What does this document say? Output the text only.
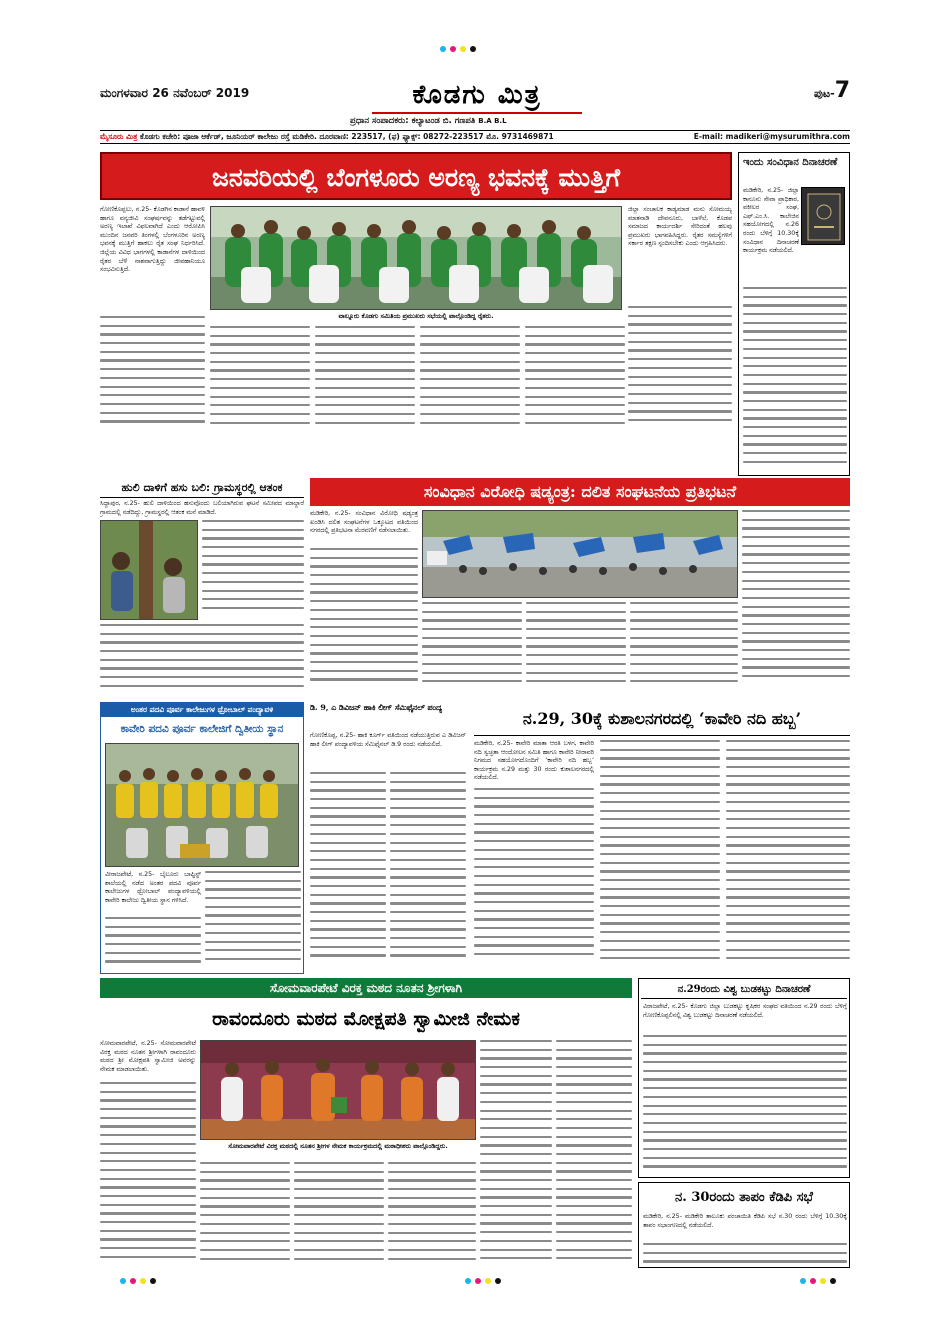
ಮಂಗಳವಾರ 26 ನವೆಂಬರ್ 2019	ಕೊಡಗು ಮಿತ್ರ
ಪ್ರಧಾನ ಸಂಪಾದಕರು: ಕಲ್ಯಾಟಂಡ ಬಿ. ಗಣಪತಿ B.A B.L
ಪುಟ-7
ಮೈಸೂರು ಮಿತ್ರ ಕೊಡಗು ಕಚೇರಿ: ಪೂಜಾ ಆರ್ಕೆಡ್, ಜೂನಿಯರ್ ಕಾಲೇಜು ರಸ್ತೆ ಮಡಿಕೇರಿ. ದೂರವಾಣಿ: 223517, (ಫ) ಫ್ಯಾಕ್ಸ್: 08272-223517 ಮೊ. 9731469871	E-mail: madikeri@mysurumithra.com
ಜನವರಿಯಲ್ಲಿ ಬೆಂಗಳೂರು ಅರಣ್ಯ ಭವನಕ್ಕೆ ಮುತ್ತಿಗೆ
ಗೋಣಿಕೊಪ್ಪಲು, ನ.25- ಕೊಡಗಿನ ಕಾಡಾನೆ ಹಾವಳಿ ಹಾಗೂ ವನ್ಯಜೀವಿ ಸಂಘರ್ಷವನ್ನು ತಡೆಗಟ್ಟುವಲ್ಲಿ ಅರಣ್ಯ ಇಲಾಖೆ ವಿಫಲವಾಗಿದೆ ಎಂದು ಆರೋಪಿಸಿ ಮುಂದಿನ ಜನವರಿ ತಿಂಗಳಲ್ಲಿ ಬೆಂಗಳೂರಿನ ಅರಣ್ಯ ಭವನಕ್ಕೆ ಮುತ್ತಿಗೆ ಹಾಕಲು ರೈತ ಸಂಘ ನಿರ್ಧರಿಸಿದೆ. ಜಿಲ್ಲೆಯ ವಿವಿಧ ಭಾಗಗಳಲ್ಲಿ ಕಾಡಾನೆಗಳ ದಾಳಿಯಿಂದ ರೈತರ ಬೆಳೆ ನಾಶವಾಗುತ್ತಿದ್ದು ಜೀವಹಾನಿಯೂ ಸಂಭವಿಸುತ್ತಿದೆ.
ವಾಲ್ನೂರು ಕೊಡಗು ಸಮಿತಿಯ ಪ್ರಮುಖರು ಸಭೆಯಲ್ಲಿ ಪಾಲ್ಗೊಂಡಿದ್ದ ರೈತರು.
ಜಿಲ್ಲಾ ಸಂಚಾಲಕ ಕಾಡ್ಯಮಾಡ ಮನು ಸೋಮಯ್ಯ ಮಾತನಾಡಿ ದೇವನೂರು, ಬಾಳೆಲೆ, ಕೊಡವ ಸಮಾಜದ ಕಾರ್ಯದರ್ಶಿ ಸೇರಿದಂತೆ ಹಲವು ಪ್ರಮುಖರು ಭಾಗವಹಿಸಿದ್ದರು. ರೈತರ ಸಮಸ್ಯೆಗಳಿಗೆ ಸರ್ಕಾರ ತಕ್ಷಣ ಸ್ಪಂದಿಸಬೇಕು ಎಂದು ಆಗ್ರಹಿಸಿದರು.
ಇಂದು ಸಂವಿಧಾನ ದಿನಾಚರಣೆ
ಮಡಿಕೇರಿ, ನ.25- ಜಿಲ್ಲಾ ಕಾನೂನು ಸೇವಾ ಪ್ರಾಧಿಕಾರ, ವಕೀಲರ ಸಂಘ, ಎಫ್.ಎಂ.ಸಿ. ಕಾಲೇಜಿನ ಸಹಯೋಗದಲ್ಲಿ ನ.26 ರಂದು ಬೆಳಿಗ್ಗೆ 10.30ಕ್ಕೆ ಸಂವಿಧಾನ ದಿನಾಚರಣೆ ಕಾರ್ಯಕ್ರಮ ನಡೆಯಲಿದೆ.
ಹುಲಿ ದಾಳಿಗೆ ಹಸು ಬಲಿ: ಗ್ರಾಮಸ್ಥರಲ್ಲಿ ಆತಂಕ
ಸಿದ್ದಾಪುರ, ನ.25- ಹುಲಿ ದಾಳಿಯಿಂದ ಹಸುವೊಂದು ಬಲಿಯಾಗಿರುವ ಘಟನೆ ಸಮೀಪದ ಮಾಲ್ದಾರೆ ಗ್ರಾಮದಲ್ಲಿ ನಡೆದಿದ್ದು, ಗ್ರಾಮಸ್ಥರಲ್ಲಿ ಆತಂಕ ಮನೆ ಮಾಡಿದೆ.
ಸಂವಿಧಾನ ವಿರೋಧಿ ಷಡ್ಯಂತ್ರ: ದಲಿತ ಸಂಘಟನೆಯ ಪ್ರತಿಭಟನೆ
ಮಡಿಕೇರಿ, ನ.25- ಸಂವಿಧಾನ ವಿರೋಧಿ ಷಡ್ಯಂತ್ರ ಖಂಡಿಸಿ ದಲಿತ ಸಂಘಟನೆಗಳ ಒಕ್ಕೂಟದ ವತಿಯಿಂದ ನಗರದಲ್ಲಿ ಪ್ರತಿಭಟನಾ ಮೆರವಣಿಗೆ ನಡೆಸಲಾಯಿತು.
ಅಂತರ ಪದವಿ ಪೂರ್ವ ಕಾಲೇಜುಗಳ ಥ್ರೋಬಾಲ್ ಪಂದ್ಯಾವಳಿ
ಕಾವೇರಿ ಪದವಿ ಪೂರ್ವ ಕಾಲೇಜಿಗೆ ದ್ವಿತೀಯ ಸ್ಥಾನ
ವೀರಾಜಪೇಟೆ, ನ.25- ಬೈಲೂರು ಬಾಪ್ಟಿಸ್ಟ್ ಶಾಲೆಯಲ್ಲಿ ನಡೆದ ಅಂತರ ಪದವಿ ಪೂರ್ವ ಕಾಲೇಜುಗಳ ಥ್ರೋಬಾಲ್ ಪಂದ್ಯಾವಳಿಯಲ್ಲಿ ಕಾವೇರಿ ಕಾಲೇಜು ದ್ವಿತೀಯ ಸ್ಥಾನ ಗಳಿಸಿದೆ.
ಡಿ. 9, ಎ ಡಿವಿಜನ್ ಹಾಕಿ ಲೀಗ್ ಸೆಮಿಫೈನಲ್ ಪಂದ್ಯ
ಗೋಣಿಕೊಪ್ಪ, ನ.25- ಹಾಕಿ ಕೂರ್ಗ್ ವತಿಯಿಂದ ನಡೆಯುತ್ತಿರುವ ಎ ಡಿವಿಜನ್ ಹಾಕಿ ಲೀಗ್ ಪಂದ್ಯಾವಳಿಯ ಸೆಮಿಫೈನಲ್ ಡಿ.9 ರಂದು ನಡೆಯಲಿದೆ.
ನ.29, 30ಕ್ಕೆ ಕುಶಾಲನಗರದಲ್ಲಿ ‘ಕಾವೇರಿ ನದಿ ಹಬ್ಬ’
ಮಡಿಕೇರಿ, ನ.25- ಕಾವೇರಿ ಮಾತಾ ಆರತಿ ಬಳಗ, ಕಾವೇರಿ ನದಿ ಸ್ವಚ್ಛತಾ ಆಂದೋಲನ ಸಮಿತಿ ಹಾಗೂ ಕಾವೇರಿ ನೀರಾವರಿ ನಿಗಮದ ಸಹಯೋಗದೊಂದಿಗೆ ‘ಕಾವೇರಿ ನದಿ ಹಬ್ಬ’ ಕಾರ್ಯಕ್ರಮ ನ.29 ಮತ್ತು 30 ರಂದು ಕುಶಾಲನಗರದಲ್ಲಿ ನಡೆಯಲಿದೆ.
ಸೋಮವಾರಪೇಟೆ ವಿರಕ್ತ ಮಠದ ನೂತನ ಶ್ರೀಗಳಾಗಿ
ರಾವಂದೂರು ಮಠದ ಮೋಕ್ಷಪತಿ ಸ್ವಾಮೀಜಿ ನೇಮಕ
ಸೋಮವಾರಪೇಟೆ, ನ.25- ಸೋಮವಾರಪೇಟೆ ವಿರಕ್ತ ಮಠದ ನೂತನ ಶ್ರೀಗಳಾಗಿ ರಾವಂದೂರು ಮಠದ ಶ್ರೀ ಮೋಕ್ಷಪತಿ ಸ್ವಾಮೀಜಿ ಅವರನ್ನು ನೇಮಕ ಮಾಡಲಾಯಿತು.
ಸೋಮವಾರಪೇಟೆ ವಿರಕ್ತ ಮಠದಲ್ಲಿ ನೂತನ ಶ್ರೀಗಳ ನೇಮಕ ಕಾರ್ಯಕ್ರಮದಲ್ಲಿ ಮಠಾಧೀಶರು ಪಾಲ್ಗೊಂಡಿದ್ದರು.
ನ.29ರಂದು ವಿಶ್ವ ಬುಡಕಟ್ಟು ದಿನಾಚರಣೆ
ವಿರಾಜಪೇಟೆ, ನ.25- ಕೊಡಗು ಜಿಲ್ಲಾ ಬುಡಕಟ್ಟು ಕೃಷಿಕರ ಸಂಘದ ವತಿಯಿಂದ ನ.29 ರಂದು ಬೆಳಿಗ್ಗೆ ಗೋಣಿಕೊಪ್ಪಲಿನಲ್ಲಿ ವಿಶ್ವ ಬುಡಕಟ್ಟು ದಿನಾಚರಣೆ ನಡೆಯಲಿದೆ.
ನ. 30ರಂದು ತಾಪಂ ಕೆಡಿಪಿ ಸಭೆ
ಮಡಿಕೇರಿ, ನ.25- ಮಡಿಕೇರಿ ತಾಲೂಕು ಪಂಚಾಯಿತಿ ಕೆಡಿಪಿ ಸಭೆ ನ.30 ರಂದು ಬೆಳಿಗ್ಗೆ 10.30ಕ್ಕೆ ತಾಪಂ ಸಭಾಂಗಣದಲ್ಲಿ ನಡೆಯಲಿದೆ.
